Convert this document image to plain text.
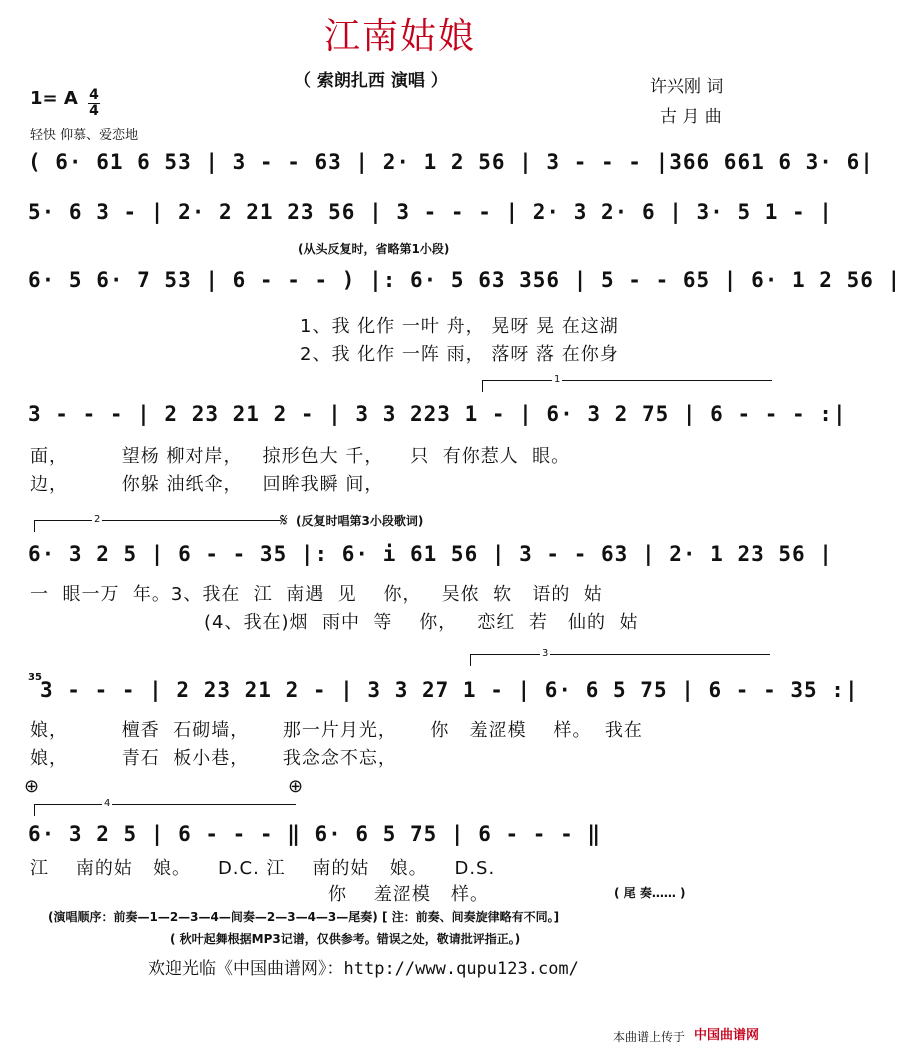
江南姑娘
（ 索朗扎西 演唱 ）	许兴刚 词
古 月 曲
1= A 4
4
轻快 仰慕、爱恋地
( 6· 61 6 53 | 3 - - 63 | 2· 1 2 56 | 3 - - - |366 661 6 3· 6|
5· 6 3 - | 2· 2 21 23 56 | 3 - - - | 2· 3 2· 6 | 3· 5 1 - |
(从头反复时，省略第1小段)
6· 5 6· 7 53 | 6 - - - ) |: 6· 5 63 356 | 5 - - 65 | 6· 1 2 56 |
1、我 化作 一叶 舟， 晃呀 晃 在这湖
2、我 化作 一阵 雨， 落呀 落 在你身
1
3 - - - | 2 23 21 2 - | 3 3 223 1 - | 6· 3 2 75 | 6 - - - :|
面，        望杨 柳对岸，   掠形色大 千，    只  有你惹人  眼。
边，        你躲 油纸伞，   回眸我瞬 间，
2	𝄋 (反复时唱第3小段歌词)
6· 3 2 5 | 6 - - 35 |: 6· i 61 56 | 3 - - 63 | 2· 1 23 56 |
一  眼一万  年。3、我在  江  南遇  见    你，   吴侬  软   语的  姑
(4、我在)烟  雨中  等    你，   恋红  若   仙的  姑
3
35
3 - - - | 2 23 21 2 - | 3 3 27 1 - | 6· 6 5 75 | 6 - - 35 :|
娘，        檀香  石砌墙，     那一片月光，     你   羞涩模    样。  我在
娘，        青石  板小巷，     我念念不忘，
⊕	⊕
4
6· 3 2 5 | 6 - - - ‖ 6· 6 5 75 | 6 - - - ‖
江    南的姑   娘。    D.C. 江    南的姑   娘。    D.S.
你    羞涩模   样。	( 尾 奏…… )
(演唱顺序：前奏—1—2—3—4—间奏—2—3—4—3—尾奏) [ 注：前奏、间奏旋律略有不同。]
( 秋叶起舞根据MP3记谱，仅供参考。错误之处，敬请批评指正。)
欢迎光临《中国曲谱网》：http://www.qupu123.com/
本曲谱上传于 中国曲谱网
